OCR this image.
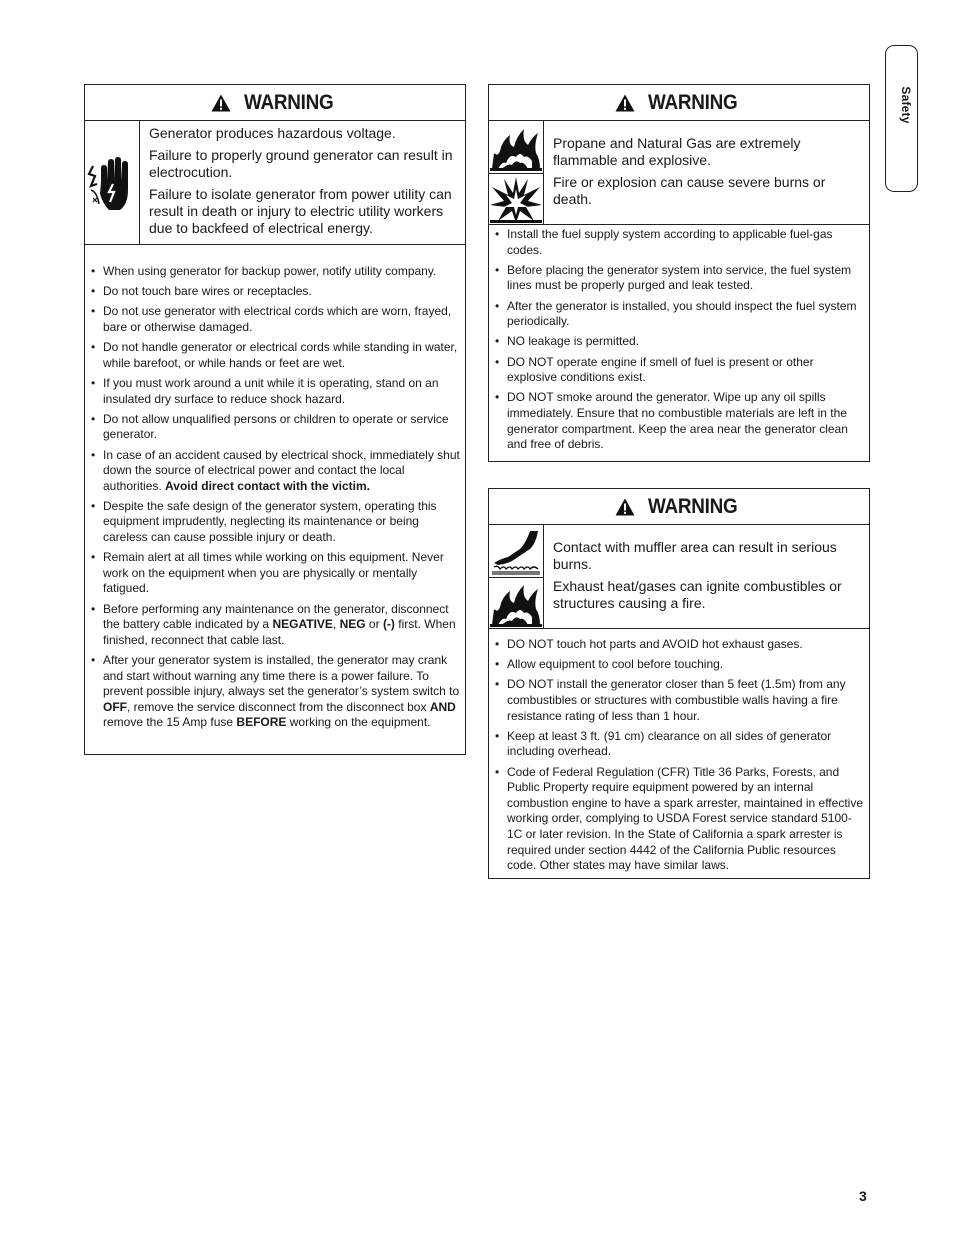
Safety
WARNING

Generator produces hazardous voltage.

Failure to properly ground generator can result in electrocution.

Failure to isolate generator from power utility can result in death or injury to electric utility workers due to backfeed of electrical energy.

• When using generator for backup power, notify utility company.
• Do not touch bare wires or receptacles.
• Do not use generator with electrical cords which are worn, frayed, bare or otherwise damaged.
• Do not handle generator or electrical cords while standing in water, while barefoot, or while hands or feet are wet.
• If you must work around a unit while it is operating, stand on an insulated dry surface to reduce shock hazard.
• Do not allow unqualified persons or children to operate or service generator.
• In case of an accident caused by electrical shock, immediately shut down the source of electrical power and contact the local authorities. Avoid direct contact with the victim.
• Despite the safe design of the generator system, operating this equipment imprudently, neglecting its maintenance or being careless can cause possible injury or death.
• Remain alert at all times while working on this equipment. Never work on the equipment when you are physically or mentally fatigued.
• Before performing any maintenance on the generator, disconnect the battery cable indicated by a NEGATIVE, NEG or (-) first. When finished, reconnect that cable last.
• After your generator system is installed, the generator may crank and start without warning any time there is a power failure. To prevent possible injury, always set the generator’s system switch to OFF, remove the service disconnect from the disconnect box AND remove the 15 Amp fuse BEFORE working on the equipment.
WARNING

Propane and Natural Gas are extremely flammable and explosive.

Fire or explosion can cause severe burns or death.

• Install the fuel supply system according to applicable fuel-gas codes.
• Before placing the generator system into service, the fuel system lines must be properly purged and leak tested.
• After the generator is installed, you should inspect the fuel system periodically.
• NO leakage is permitted.
• DO NOT operate engine if smell of fuel is present or other explosive conditions exist.
• DO NOT smoke around the generator. Wipe up any oil spills immediately. Ensure that no combustible materials are left in the generator compartment. Keep the area near the generator clean and free of debris.
WARNING

Contact with muffler area can result in serious burns.

Exhaust heat/gases can ignite combustibles or structures causing a fire.

• DO NOT touch hot parts and AVOID hot exhaust gases.
• Allow equipment to cool before touching.
• DO NOT install the generator closer than 5 feet (1.5m) from any combustibles or structures with combustible walls having a fire resistance rating of less than 1 hour.
• Keep at least 3 ft. (91 cm) clearance on all sides of generator including overhead.
• Code of Federal Regulation (CFR) Title 36 Parks, Forests, and Public Property require equipment powered by an internal combustion engine to have a spark arrester, maintained in effective working order, complying to USDA Forest service standard 5100-1C or later revision. In the State of California a spark arrester is required under section 4442 of the California Public resources code. Other states may have similar laws.
3
